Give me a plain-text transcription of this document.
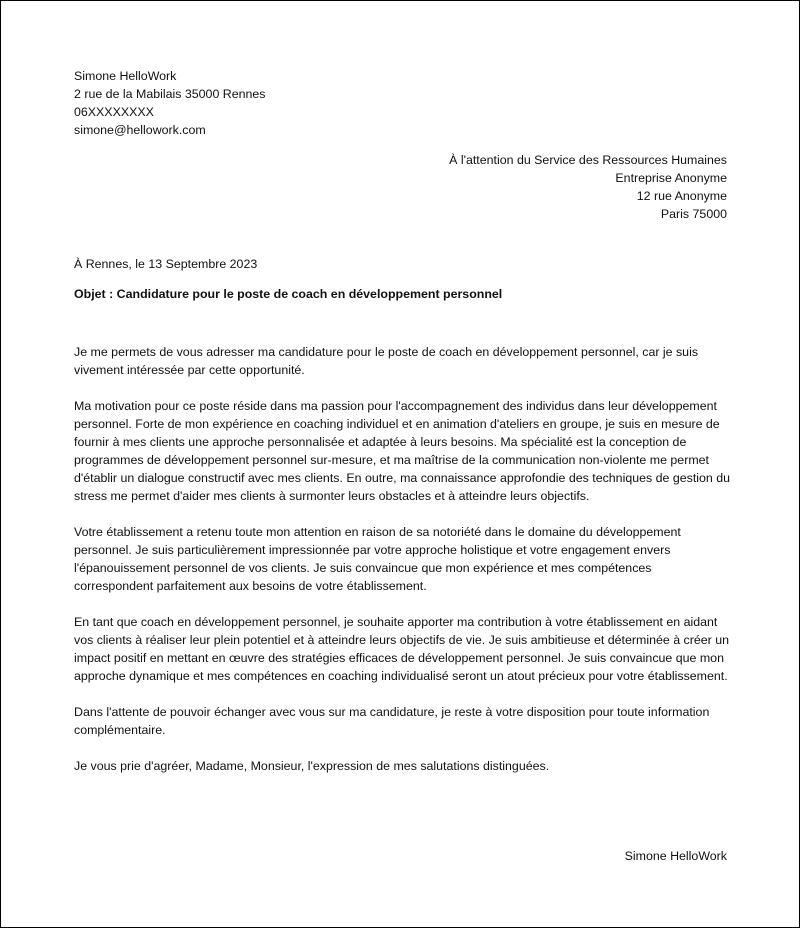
Simone HelloWork
2 rue de la Mabilais 35000 Rennes
06XXXXXXXX
simone@hellowork.com
À l'attention du Service des Ressources Humaines
Entreprise Anonyme
12 rue Anonyme
Paris 75000
À Rennes, le 13 Septembre 2023
Objet : Candidature pour le poste de coach en développement personnel

Je me permets de vous adresser ma candidature pour le poste de coach en développement personnel, car je suis vivement intéressée par cette opportunité.

Ma motivation pour ce poste réside dans ma passion pour l'accompagnement des individus dans leur développement personnel. Forte de mon expérience en coaching individuel et en animation d'ateliers en groupe, je suis en mesure de fournir à mes clients une approche personnalisée et adaptée à leurs besoins. Ma spécialité est la conception de programmes de développement personnel sur-mesure, et ma maîtrise de la communication non-violente me permet d'établir un dialogue constructif avec mes clients. En outre, ma connaissance approfondie des techniques de gestion du stress me permet d'aider mes clients à surmonter leurs obstacles et à atteindre leurs objectifs.

Votre établissement a retenu toute mon attention en raison de sa notoriété dans le domaine du développement personnel. Je suis particulièrement impressionnée par votre approche holistique et votre engagement envers l'épanouissement personnel de vos clients. Je suis convaincue que mon expérience et mes compétences correspondent parfaitement aux besoins de votre établissement.

En tant que coach en développement personnel, je souhaite apporter ma contribution à votre établissement en aidant vos clients à réaliser leur plein potentiel et à atteindre leurs objectifs de vie. Je suis ambitieuse et déterminée à créer un impact positif en mettant en œuvre des stratégies efficaces de développement personnel. Je suis convaincue que mon approche dynamique et mes compétences en coaching individualisé seront un atout précieux pour votre établissement.

Dans l'attente de pouvoir échanger avec vous sur ma candidature, je reste à votre disposition pour toute information complémentaire.

Je vous prie d'agréer, Madame, Monsieur, l'expression de mes salutations distinguées.

Simone HelloWork
